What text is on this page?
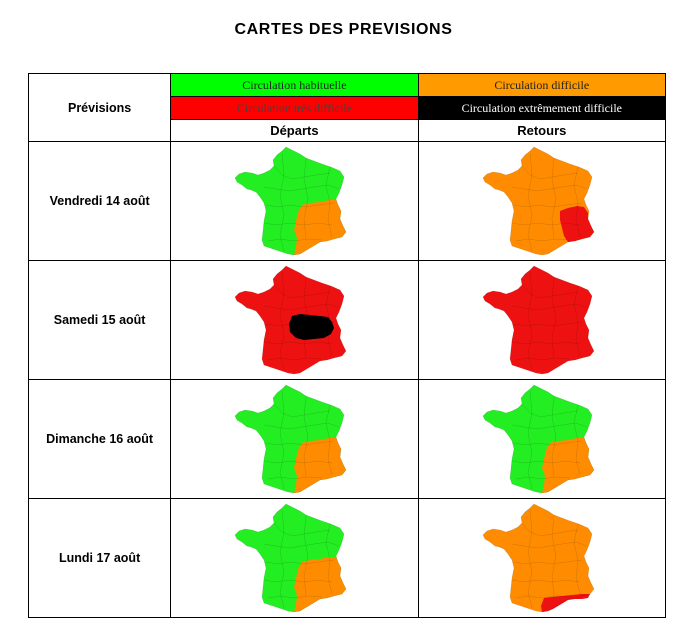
CARTES DES PREVISIONS
Prévisions	Circulation habituelle	Circulation difficile
	Circulation très difficile	Circulation extrêmement difficile
	Départs	Retours
Vendredi 14 août	

Samedi 15 août	

Dimanche 16 août	

Lundi 17 août	
